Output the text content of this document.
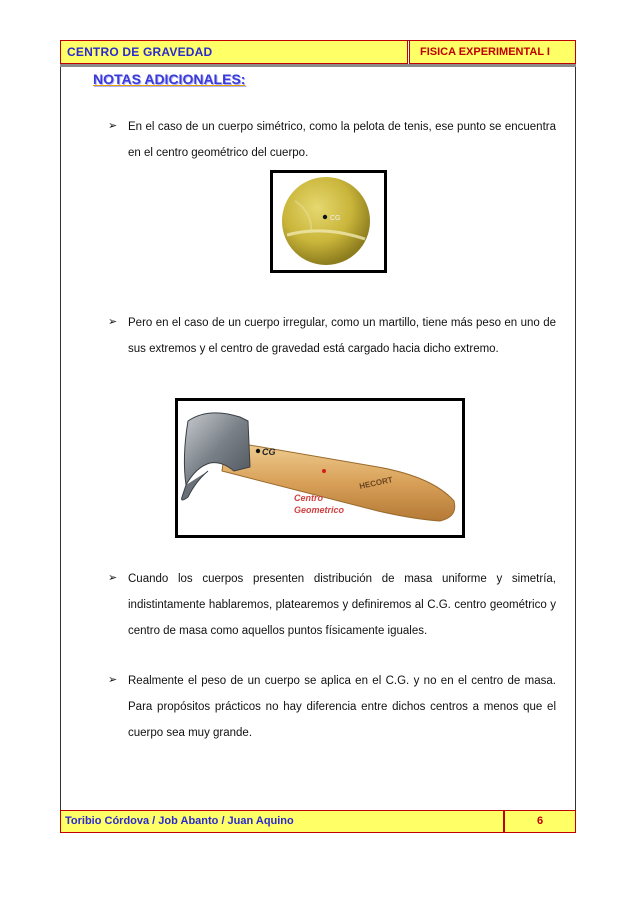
CENTRO DE GRAVEDAD	FISICA EXPERIMENTAL I
NOTAS ADICIONALES:
➢ En el caso de un cuerpo simétrico, como la pelota de tenis, ese punto se encuentra en el centro geométrico del cuerpo.
CG
➢ Pero en el caso de un cuerpo irregular, como un martillo, tiene más peso en uno de sus extremos y el centro de gravedad está cargado hacia dicho extremo.
CG
HECORT
Centro
Geometrico
➢ Cuando los cuerpos presenten distribución de masa uniforme y simetría, indistintamente hablaremos, platearemos y definiremos al C.G. centro geométrico y centro de masa como aquellos puntos físicamente iguales.
➢ Realmente el peso de un cuerpo se aplica en el C.G. y no en el centro de masa. Para propósitos prácticos no hay diferencia entre dichos centros a menos que el cuerpo sea muy grande.
Toribio Córdova / Job Abanto / Juan Aquino	6
